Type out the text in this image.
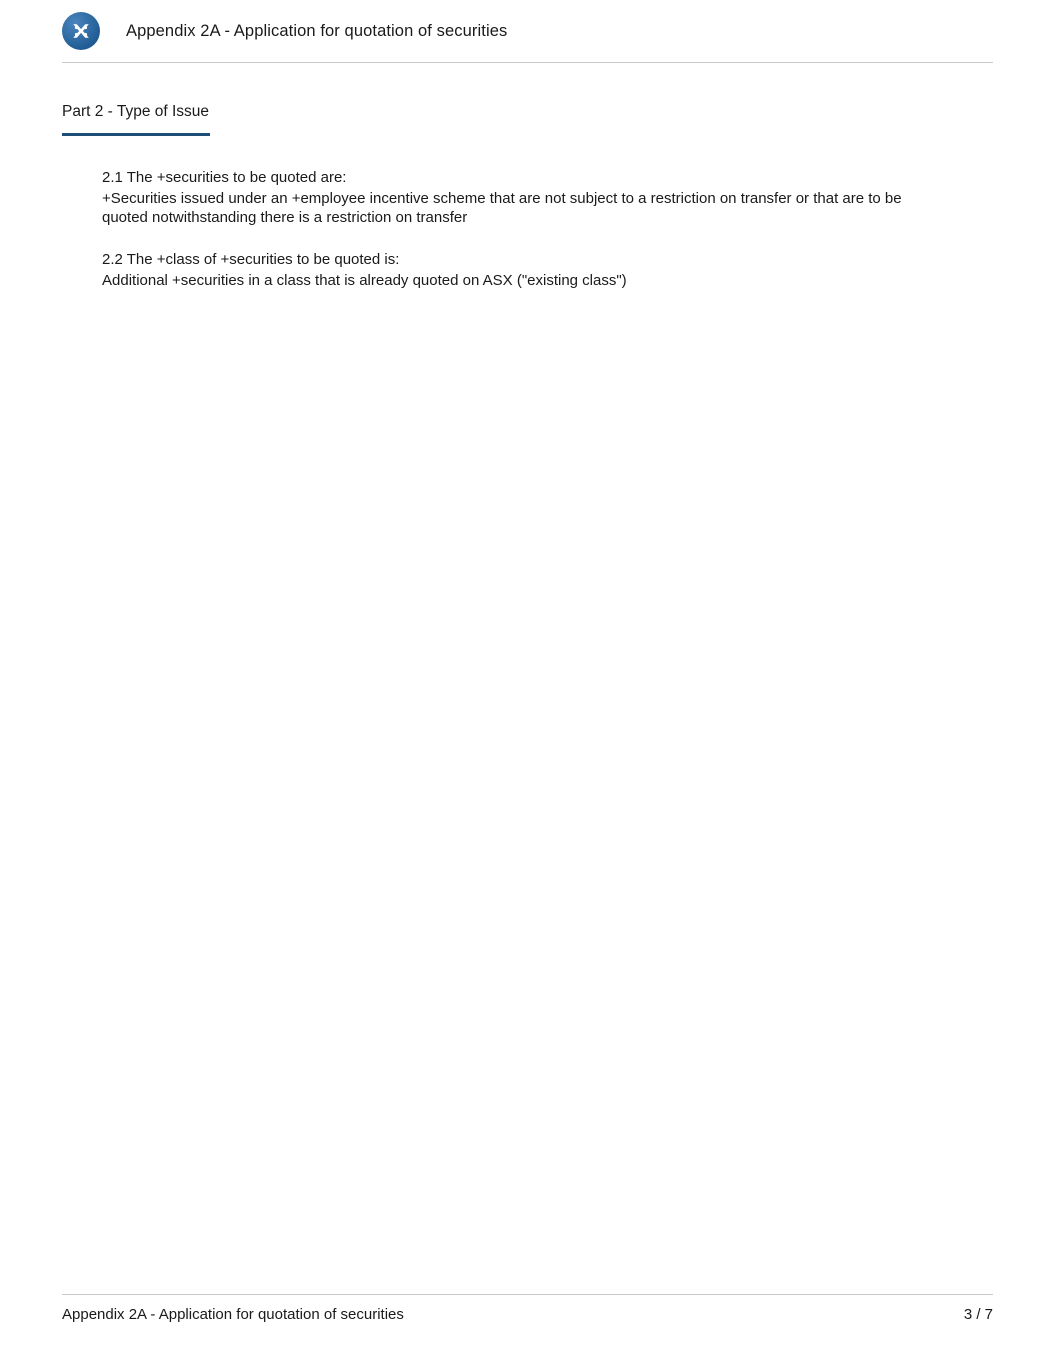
Appendix 2A - Application for quotation of securities
Part 2 - Type of Issue

2.1 The +securities to be quoted are:

+Securities issued under an +employee incentive scheme that are not subject to a restriction on transfer or that are to be quoted notwithstanding there is a restriction on transfer

2.2 The +class of +securities to be quoted is:

Additional +securities in a class that is already quoted on ASX ("existing class")

Appendix 2A - Application for quotation of securities	3 / 7
